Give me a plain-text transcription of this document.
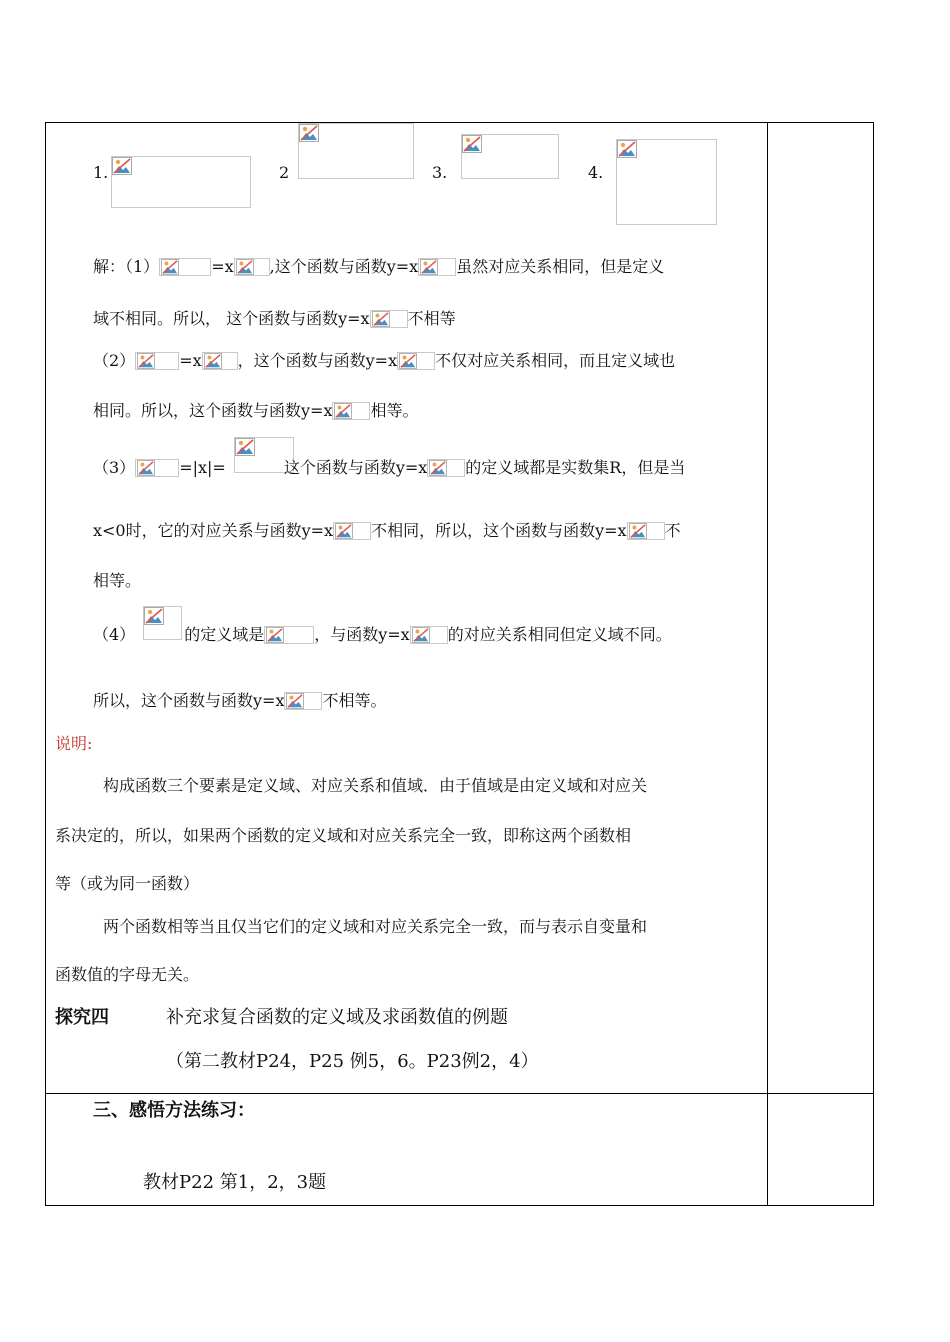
1.	2	3.	4.
解：（1）	=x ,这个函数与函数y=x 虽然对应关系相同，但是定义
域不相同。所以， 这个函数与函数y=x 不相等
（2）	=x ，这个函数与函数y=x 不仅对应关系相同，而且定义域也
相同。所以，这个函数与函数y=x 相等。
（3）	=|x|=	这个函数与函数y=x 的定义域都是实数集R，但是当
x<0时，它的对应关系与函数y=x 不相同，所以，这个函数与函数y=x 不
相等。
（4）	的定义域是	，与函数y=x 的对应关系相同但定义域不同。
所以，这个函数与函数y=x 不相等。
说明:
构成函数三个要素是定义域、对应关系和值域．由于值域是由定义域和对应关
系决定的，所以，如果两个函数的定义域和对应关系完全一致，即称这两个函数相
等（或为同一函数）
两个函数相等当且仅当它们的定义域和对应关系完全一致，而与表示自变量和
函数值的字母无关。
探究四	补充求复合函数的定义域及求函数值的例题
（第二教材P24，P25 例5，6。P23例2，4）
三、感悟方法练习：
教材P22 第1，2，3题
